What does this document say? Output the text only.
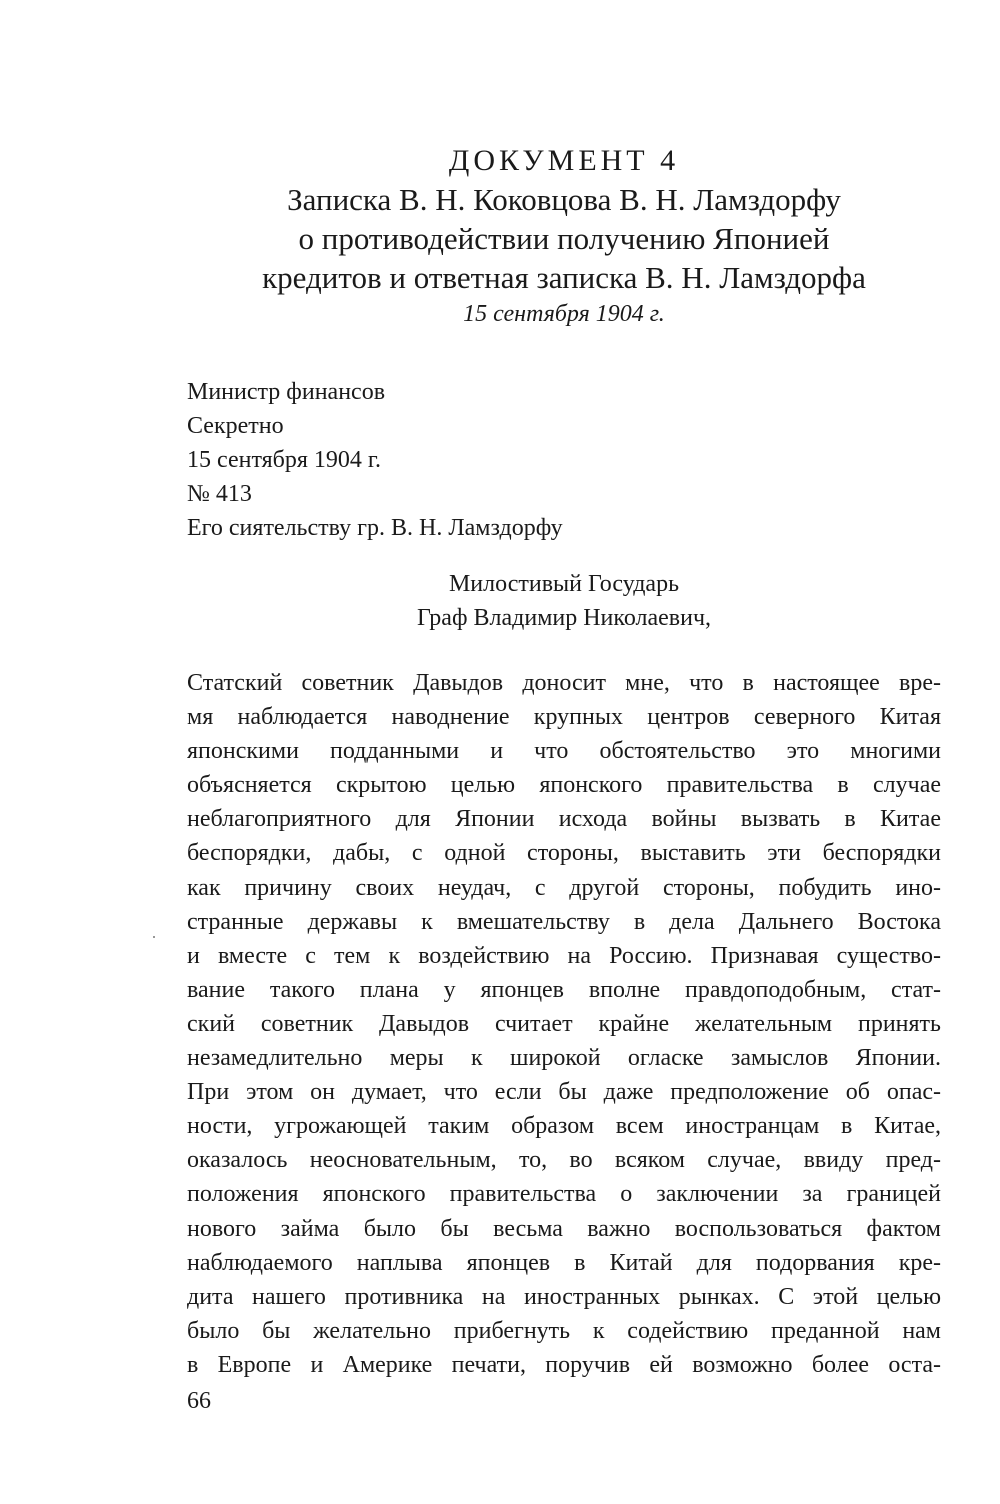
ДОКУМЕНТ 4
Записка В. Н. Коковцова В. Н. Ламздорфу
о противодействии получению Японией
кредитов и ответная записка В. Н. Ламздорфа
15 сентября 1904 г.
Министр финансов
Секретно
15 сентября 1904 г.
№ 413
Его сиятельству гр. В. Н. Ламздорфу
Милостивый Государь
Граф Владимир Николаевич,
Статский советник Давыдов доносит мне, что в настоящее вре-
мя наблюдается наводнение крупных центров северного Китая
японскими подданными и что обстоятельство это многими
объясняется скрытою целью японского правительства в случае
неблагоприятного для Японии исхода войны вызвать в Китае
беспорядки, дабы, с одной стороны, выставить эти беспорядки
как причину своих неудач, с другой стороны, побудить ино-
странные державы к вмешательству в дела Дальнего Востока
и вместе с тем к воздействию на Россию. Признавая существо-
вание такого плана у японцев вполне правдоподобным, стат-
ский советник Давыдов считает крайне желательным принять
незамедлительно меры к широкой огласке замыслов Японии.
При этом он думает, что если бы даже предположение об опас-
ности, угрожающей таким образом всем иностранцам в Китае,
оказалось неосновательным, то, во всяком случае, ввиду пред-
положения японского правительства о заключении за границей
нового займа было бы весьма важно воспользоваться фактом
наблюдаемого наплыва японцев в Китай для подорвания кре-
дита нашего противника на иностранных рынках. С этой целью
было бы желательно прибегнуть к содействию преданной нам
в Европе и Америке печати, поручив ей возможно более оста-
66
